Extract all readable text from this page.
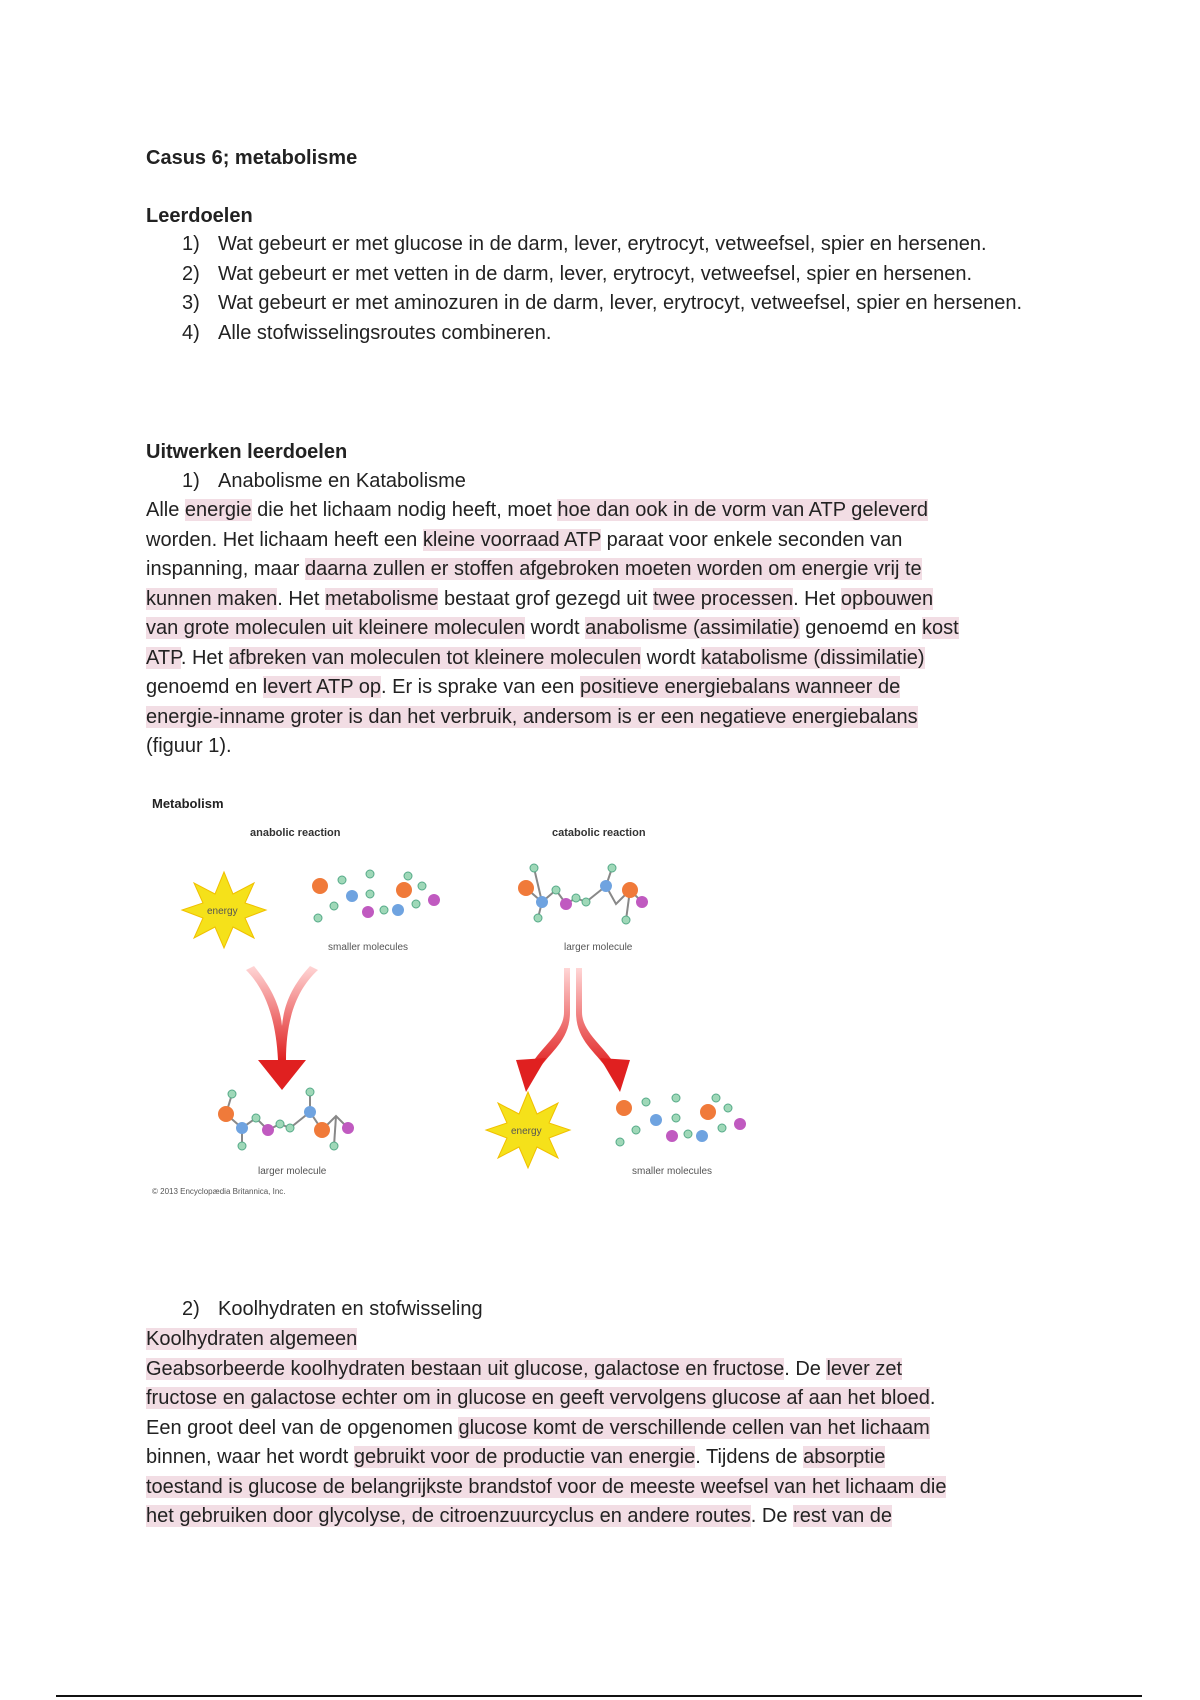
Casus 6; metabolisme
Leerdoelen
1) Wat gebeurt er met glucose in de darm, lever, erytrocyt, vetweefsel, spier en hersenen.
2) Wat gebeurt er met vetten in de darm, lever, erytrocyt, vetweefsel, spier en hersenen.
3) Wat gebeurt er met aminozuren in de darm, lever, erytrocyt, vetweefsel, spier en hersenen.
4) Alle stofwisselingsroutes combineren.
Uitwerken leerdoelen
1) Anabolisme en Katabolisme
Alle energie die het lichaam nodig heeft, moet hoe dan ook in de vorm van ATP geleverd
worden. Het lichaam heeft een kleine voorraad ATP paraat voor enkele seconden van
inspanning, maar daarna zullen er stoffen afgebroken moeten worden om energie vrij te
kunnen maken. Het metabolisme bestaat grof gezegd uit twee processen. Het opbouwen
van grote moleculen uit kleinere moleculen wordt anabolisme (assimilatie) genoemd en kost
ATP. Het afbreken van moleculen tot kleinere moleculen wordt katabolisme (dissimilatie)
genoemd en levert ATP op. Er is sprake van een positieve energiebalans wanneer de
energie-inname groter is dan het verbruik, andersom is er een negatieve energiebalans
(figuur 1).
2) Koolhydraten en stofwisseling
Koolhydraten algemeen
Geabsorbeerde koolhydraten bestaan uit glucose, galactose en fructose. De lever zet
fructose en galactose echter om in glucose en geeft vervolgens glucose af aan het bloed.
Een groot deel van de opgenomen glucose komt de verschillende cellen van het lichaam
binnen, waar het wordt gebruikt voor de productie van energie. Tijdens de absorptie
toestand is glucose de belangrijkste brandstof voor de meeste weefsel van het lichaam die
het gebruiken door glycolyse, de citroenzuurcyclus en andere routes. De rest van de
Metabolism
anabolic reaction	catabolic reaction
energy
smaller molecules	larger molecule
larger molecule
energy
smaller molecules
© 2013 Encyclopædia Britannica, Inc.
